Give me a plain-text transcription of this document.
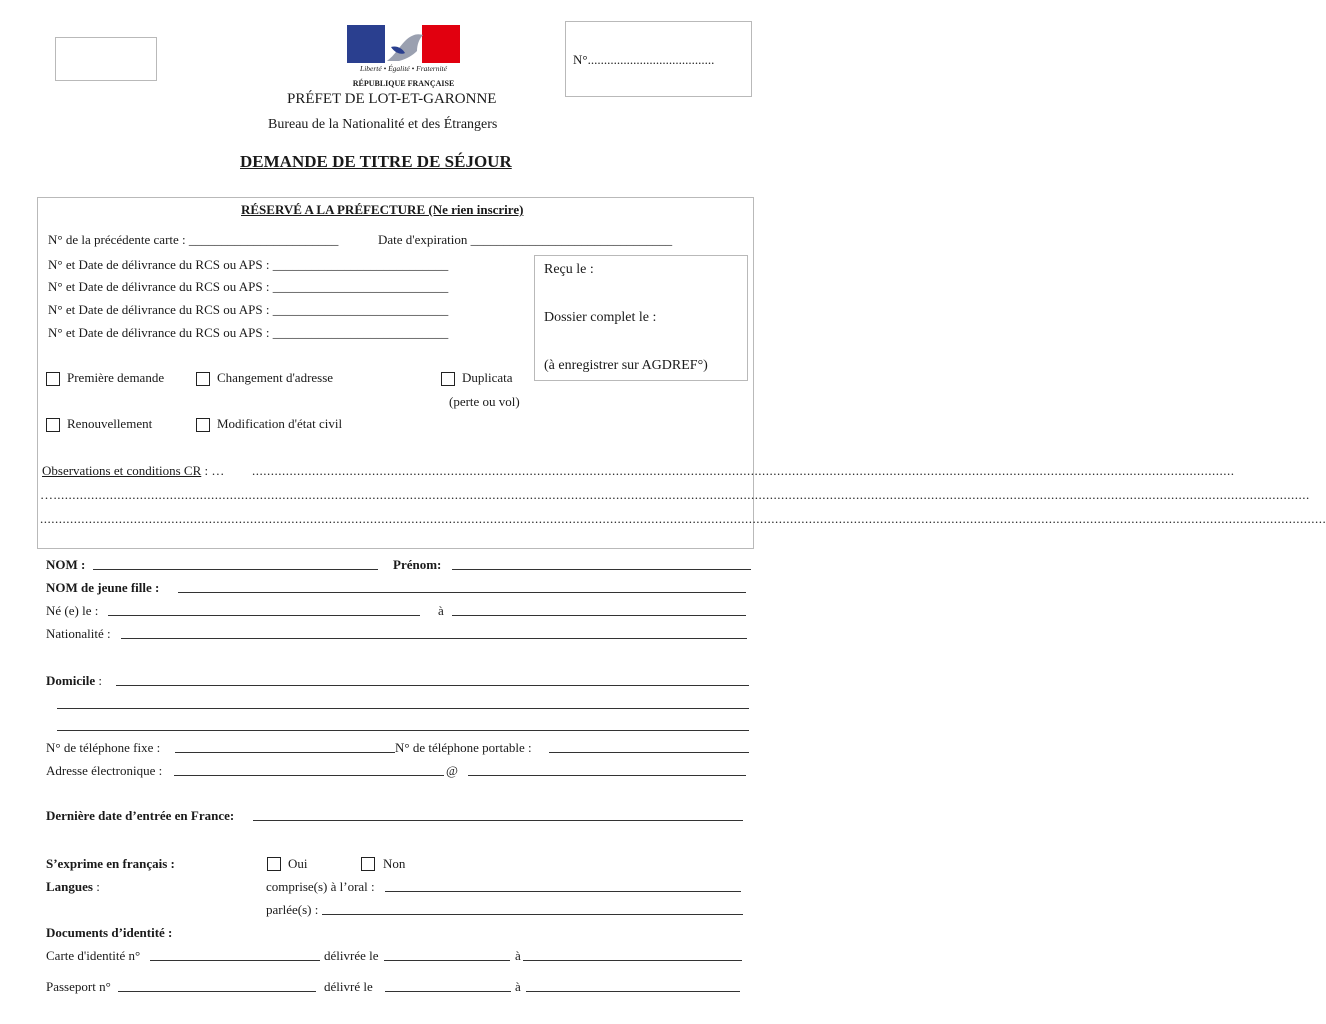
Liberté • Égalité • Fraternité
RÉPUBLIQUE FRANÇAISE
N°.......................................
PRÉFET DE LOT-ET-GARONNE
Bureau de la Nationalité et des Étrangers
DEMANDE DE TITRE DE SÉJOUR
RÉSERVÉ A LA PRÉFECTURE (Ne rien inscrire)
N° de la précédente carte : _______________________	Date d'expiration _______________________________
N° et Date de délivrance du RCS ou APS : ___________________________
N° et Date de délivrance du RCS ou APS : ___________________________
N° et Date de délivrance du RCS ou APS : ___________________________
N° et Date de délivrance du RCS ou APS : ___________________________
Reçu le :
Dossier complet le :
(à enregistrer sur AGDREF°)
Première demande	Changement d'adresse	Duplicata
(perte ou vol)
Renouvellement	Modification d'état civil
Observations et conditions CR : … ......................................................................................................................................................................................................................................................................
…...............................................................................................................................................................................................................................................................................................................................................
.......................................................................................................................................................................................................................................................................................................................................................
NOM :	Prénom:
NOM de jeune fille :
Né (e) le :	à
Nationalité :
Domicile :
N° de téléphone fixe :	N° de téléphone portable :
Adresse électronique :	@
Dernière date d’entrée en France:
S’exprime en français :	Oui	Non
Langues :	comprise(s) à l’oral :
parlée(s) :
Documents d’identité :
Carte d'identité n°	délivrée le	à
Passeport n°	délivré le	à
